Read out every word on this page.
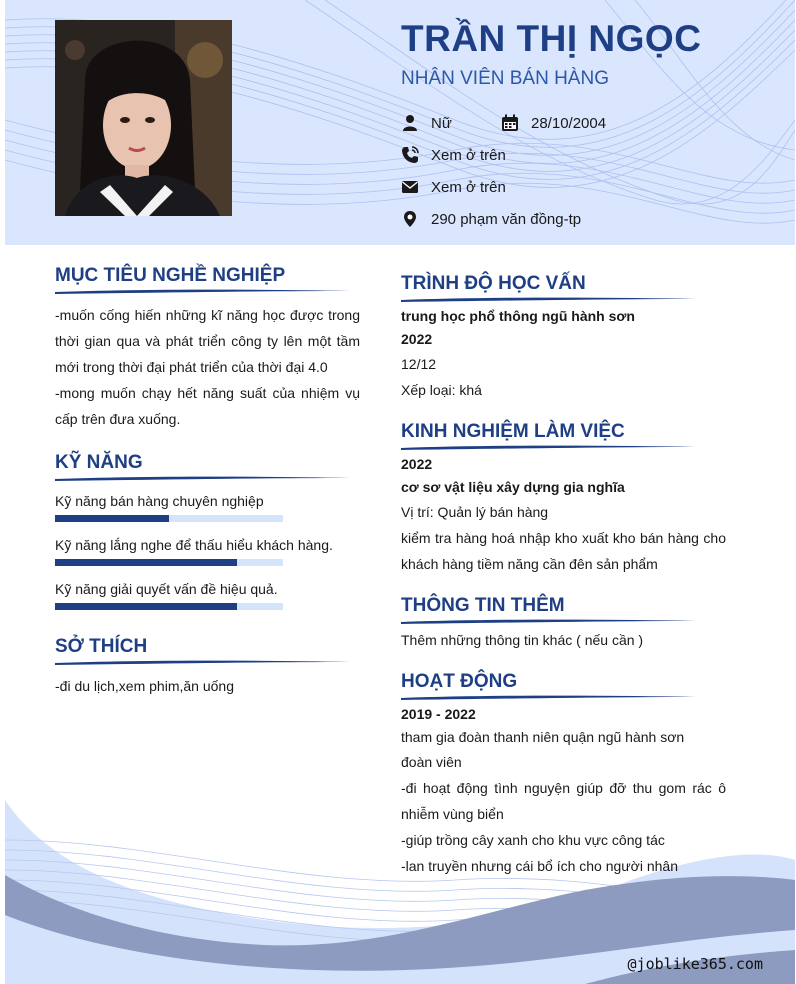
TRẦN THỊ NGỌC
NHÂN VIÊN BÁN HÀNG
Nữ	28/10/2004
Xem ở trên
Xem ở trên
290 phạm văn đồng-tp
MỤC TIÊU NGHỀ NGHIỆP
-muốn cống hiến những kĩ năng học được trong thời gian qua và phát triển công ty lên một tầm mới trong thời đại phát triển của thời đại 4.0
-mong muốn chạy hết năng suất của nhiệm vụ cấp trên đưa xuống.
KỸ NĂNG
Kỹ năng bán hàng chuyên nghiệp
Kỹ năng lắng nghe để thấu hiểu khách hàng.
Kỹ năng giải quyết vấn đề hiệu quả.
SỞ THÍCH
-đi du lịch,xem phim,ăn uống
TRÌNH ĐỘ HỌC VẤN
trung học phổ thông ngũ hành sơn
2022
12/12
Xếp loại: khá
KINH NGHIỆM LÀM VIỆC
2022
cơ sơ vật liệu xây dựng gia nghĩa
Vị trí: Quản lý bán hàng
kiểm tra hàng hoá nhập kho xuất kho bán hàng cho khách hàng tiềm năng cần đên sản phẩm
THÔNG TIN THÊM
Thêm những thông tin khác ( nếu cần )
HOẠT ĐỘNG
2019 - 2022
tham gia đoàn thanh niên quận ngũ hành sơn
đoàn viên
-đi hoạt động tình nguyện giúp đỡ thu gom rác ô nhiễm vùng biển
-giúp trồng cây xanh cho khu vực công tác
-lan truyền nhưng cái bổ ích cho người nhân
@joblike365.com
